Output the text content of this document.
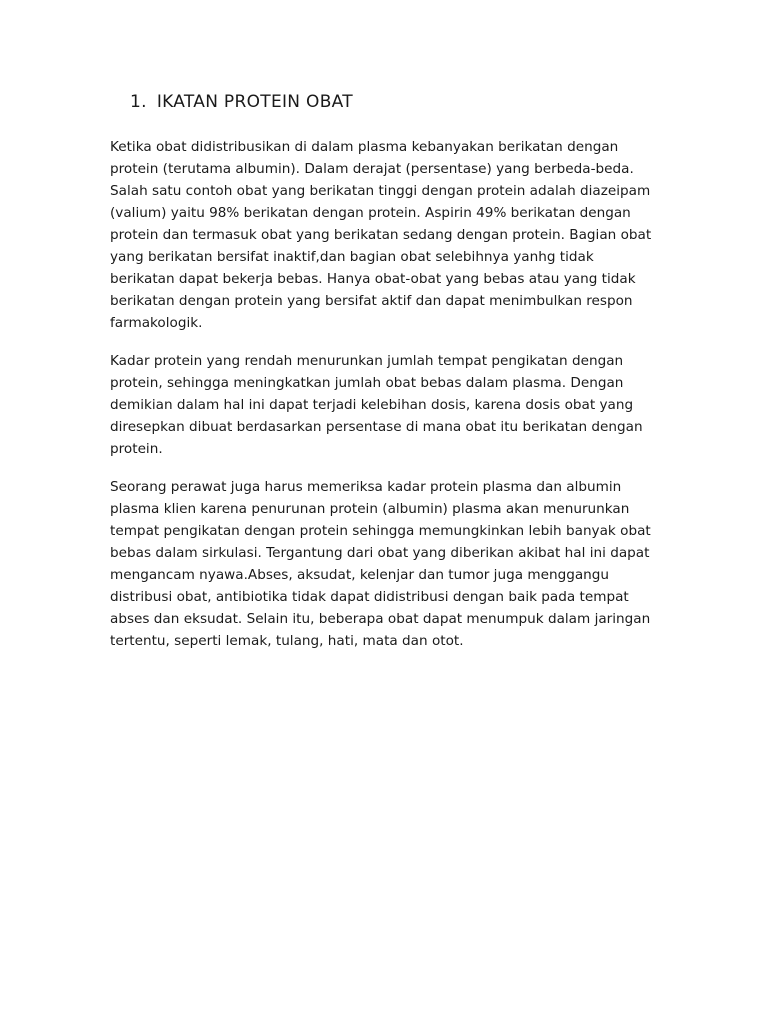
1. IKATAN PROTEIN OBAT

Ketika obat didistribusikan di dalam plasma kebanyakan berikatan dengan
protein (terutama albumin). Dalam derajat (persentase) yang berbeda-beda.
Salah satu contoh obat yang berikatan tinggi dengan protein adalah diazeipam
(valium) yaitu 98% berikatan dengan protein. Aspirin 49% berikatan dengan
protein dan termasuk obat yang berikatan sedang dengan protein. Bagian obat
yang berikatan bersifat inaktif,dan bagian obat selebihnya yanhg tidak
berikatan dapat bekerja bebas. Hanya obat-obat yang bebas atau yang tidak
berikatan dengan protein yang bersifat aktif dan dapat menimbulkan respon
farmakologik.

Kadar protein yang rendah menurunkan jumlah tempat pengikatan dengan
protein, sehingga meningkatkan jumlah obat bebas dalam plasma. Dengan
demikian dalam hal ini dapat terjadi kelebihan dosis, karena dosis obat yang
diresepkan dibuat berdasarkan persentase di mana obat itu berikatan dengan
protein.

Seorang perawat juga harus memeriksa kadar protein plasma dan albumin
plasma klien karena penurunan protein (albumin) plasma akan menurunkan
tempat pengikatan dengan protein sehingga memungkinkan lebih banyak obat
bebas dalam sirkulasi. Tergantung dari obat yang diberikan akibat hal ini dapat
mengancam nyawa.Abses, aksudat, kelenjar dan tumor juga menggangu
distribusi obat, antibiotika tidak dapat didistribusi dengan baik pada tempat
abses dan eksudat. Selain itu, beberapa obat dapat menumpuk dalam jaringan
tertentu, seperti lemak, tulang, hati, mata dan otot.
